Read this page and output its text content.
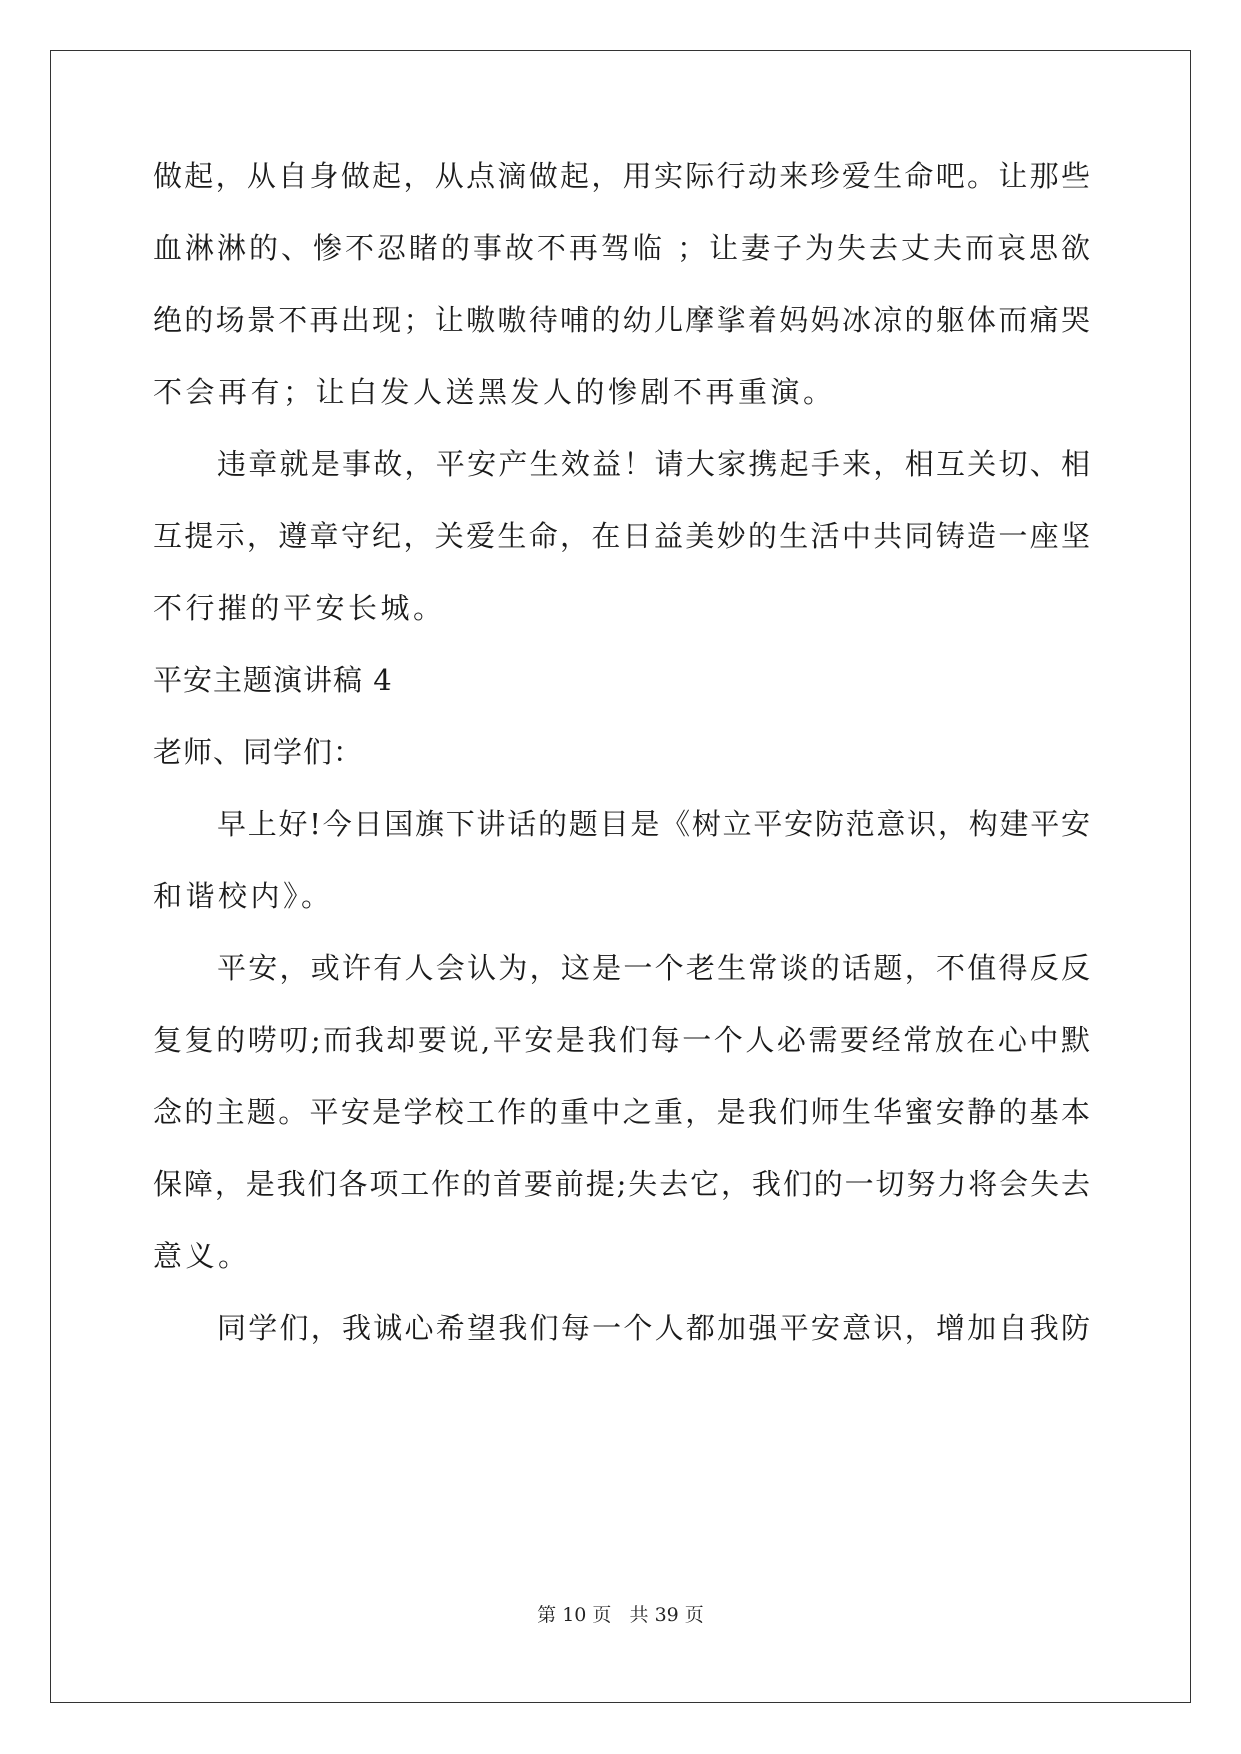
做起，从自身做起，从点滴做起，用实际行动来珍爱生命吧。让那些
血淋淋的、惨不忍睹的事故不再驾临 ；让妻子为失去丈夫而哀思欲
绝的场景不再出现；让嗷嗷待哺的幼儿摩挲着妈妈冰凉的躯体而痛哭
不会再有；让白发人送黑发人的惨剧不再重演。
违章就是事故，平安产生效益！请大家携起手来，相互关切、相
互提示，遵章守纪，关爱生命，在日益美妙的生活中共同铸造一座坚
不行摧的平安长城。
平安主题演讲稿 4
老师、同学们：
早上好!今日国旗下讲话的题目是《树立平安防范意识，构建平安
和谐校内》。
平安，或许有人会认为，这是一个老生常谈的话题，不值得反反
复复的唠叨;而我却要说,平安是我们每一个人必需要经常放在心中默
念的主题。平安是学校工作的重中之重，是我们师生华蜜安静的基本
保障，是我们各项工作的首要前提;失去它，我们的一切努力将会失去
意义。
同学们，我诚心希望我们每一个人都加强平安意识，增加自我防
第 10 页   共 39 页
